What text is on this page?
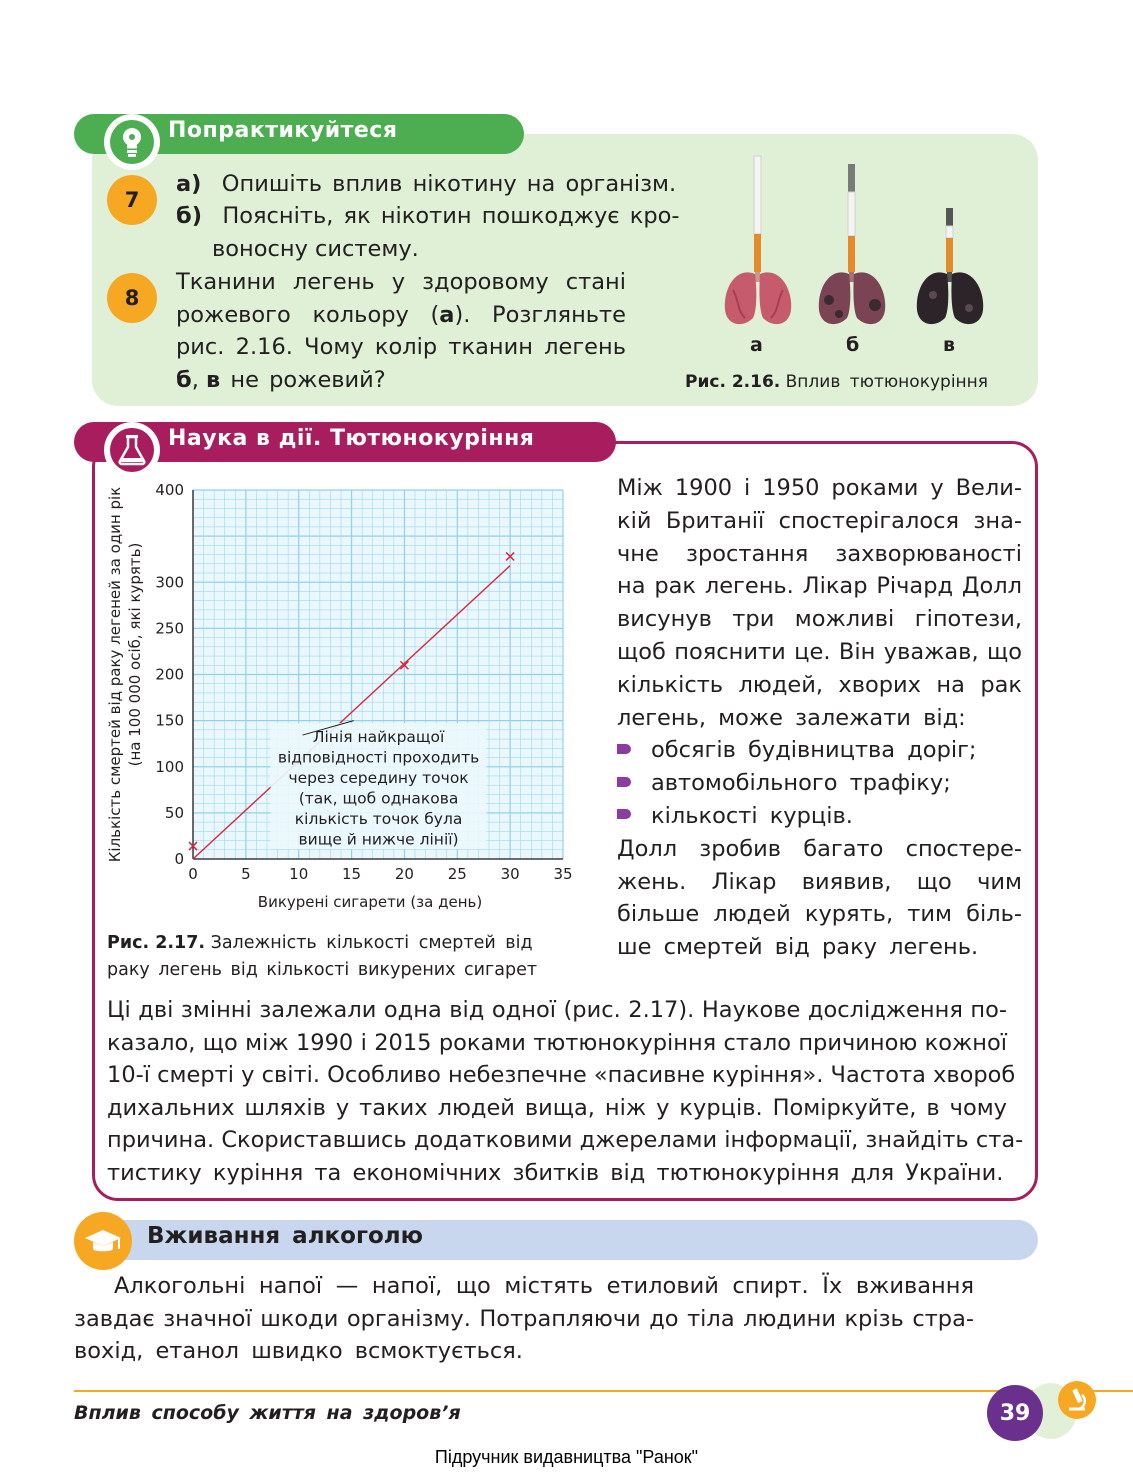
Попрактикуйтеся
7
а) Опишіть вплив нікотину на організм.
б) Поясніть, як нікотин пошкоджує кро-
воносну систему.
8
Тканини легень у здоровому стані
рожевого кольору (а). Розгляньте
рис. 2.16. Чому колір тканин легень
б, в не рожевий?
а	б	в
Рис. 2.16. Вплив тютюнокуріння
Наука в дії. Тютюнокуріння
0	5	10 15 20 25 30 35
0
50
100
150
200
250
300
400
Викурені сигарети (за день)
Кількість смертей від раку легеней за один рік (на 100 000 осіб, які курять)	Лінія найкращої
відповідності проходить
через середину точок
(так, щоб однакова
кількість точок була
вище й нижче лінії)
Рис. 2.17. Залежність кількості смертей від
раку легень від кількості викурених сигарет
Між 1900 і 1950 роками у Вели-
кій Британії спостерігалося зна-
чне зростання захворюваності
на рак легень. Лікар Річард Долл
висунув три можливі гіпотези,
щоб пояснити це. Він уважав, що
кількість людей, хворих на рак
легень, може залежати від:
обсягів будівництва доріг;
автомобільного трафіку;
кількості курців.
Долл зробив багато спостере-
жень. Лікар виявив, що чим
більше людей курять, тим біль-
ше смертей від раку легень.
Ці дві змінні залежали одна від одної (рис. 2.17). Наукове дослідження по-
казало, що між 1990 і 2015 роками тютюнокуріння стало причиною кожної
10-ї смерті у світі. Особливо небезпечне «пасивне куріння». Частота хвороб
дихальних шляхів у таких людей вища, ніж у курців. Поміркуйте, в чому
причина. Скориставшись додатковими джерелами інформації, знайдіть ста-
тистику куріння та економічних збитків від тютюнокуріння для України.
Вживання алкоголю
Алкогольні напої — напої, що містять етиловий спирт. Їх вживання
завдає значної шкоди організму. Потрапляючи до тіла людини крізь стра-
вохід, етанол швидко всмоктується.
Вплив способу життя на здоров’я	39
Підручник видавництва "Ранок"
